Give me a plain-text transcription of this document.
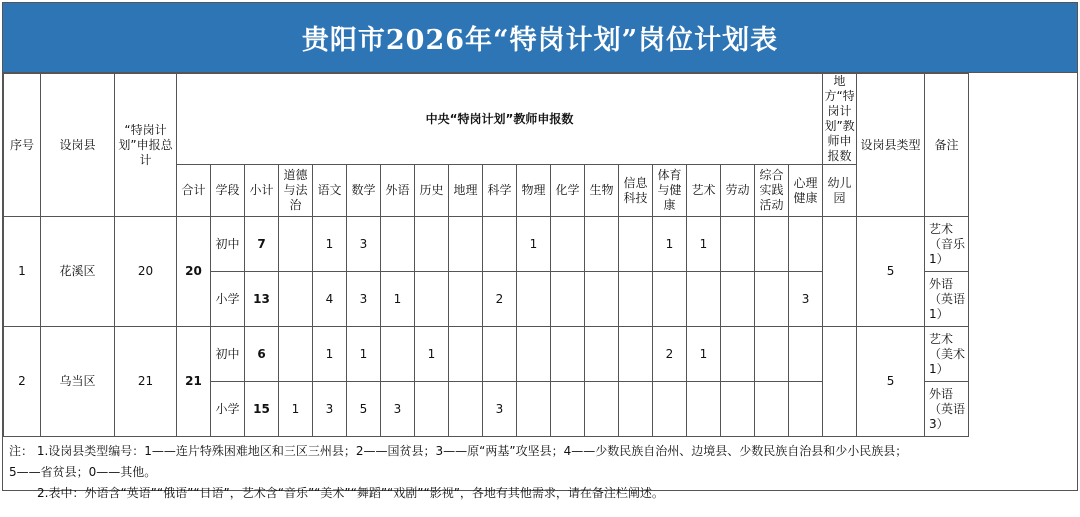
贵阳市2026年“特岗计划”岗位计划表
序号	设岗县	“特岗计划”申报总计	中央“特岗计划”教师申报数																			地方“特岗计划”教师申报数	设岗县类型	备注
			合计	学段	小计	道德与法治	语文	数学	外语	历史	地理	科学	物理	化学	生物	信息科技	体育与健康	艺术	劳动	综合实践活动	心理健康	幼儿园		
1	花溪区	20	20	初中	7		1	3					1				1	1					5	艺术（音乐1）
				小学	13		4	3	1			2									3			外语（英语1）
2	乌当区	21	21	初中	6		1	1		1							2	1					5	艺术（美术1）
				小学	15	1	3	5	3			3												外语（英语3）

注： 1.设岗县类型编号：1——连片特殊困难地区和三区三州县；2——国贫县；3——原“两基”攻坚县；4——少数民族自治州、边境县、少数民族自治县和少小民族县；

5——省贫县；0——其他。

2.表中：外语含“英语”“俄语”“日语”，艺术含“音乐”“美术”“舞蹈”“戏剧”“影视”，各地有其他需求，请在备注栏阐述。
